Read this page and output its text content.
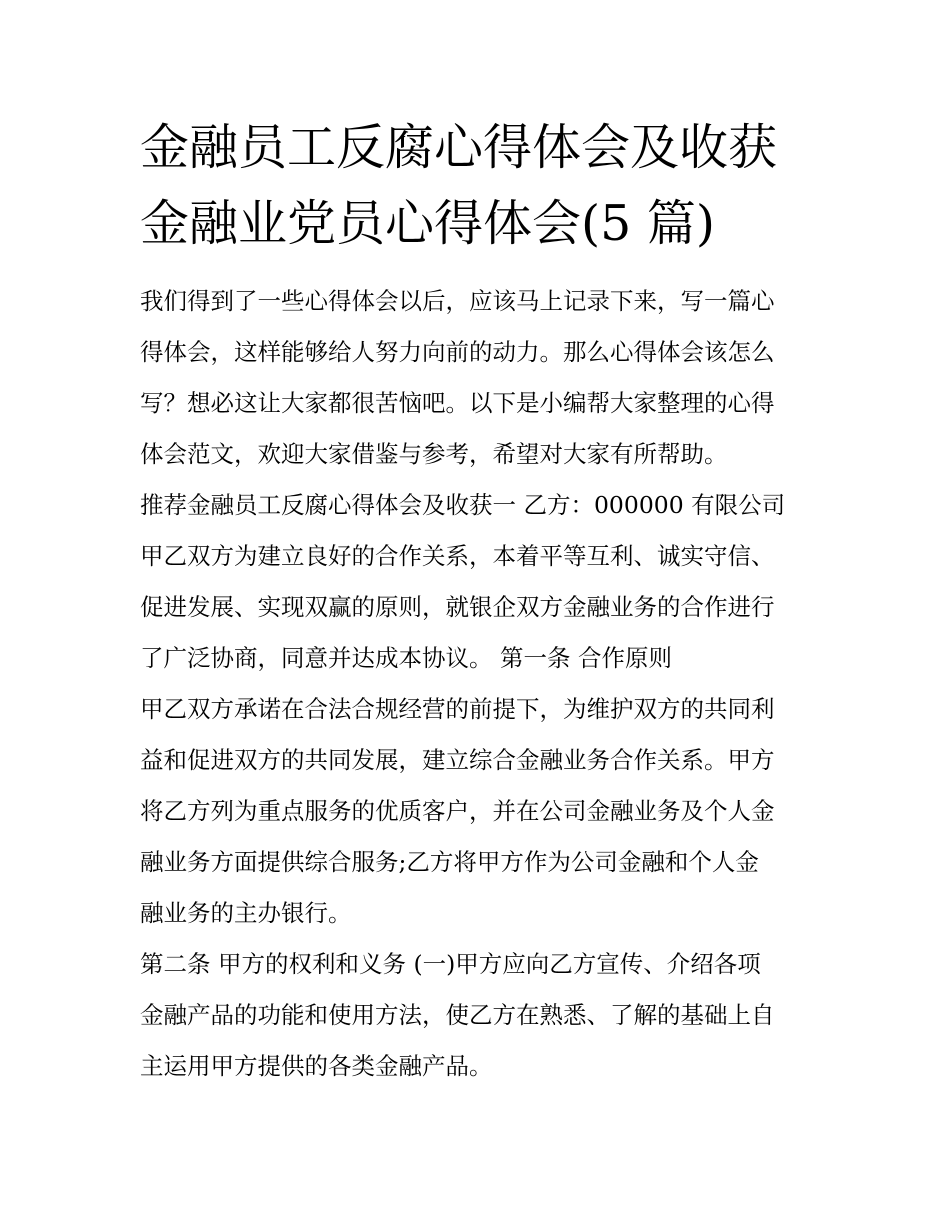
金融员工反腐心得体会及收获
金融业党员心得体会(5 篇)
我们得到了一些心得体会以后，应该马上记录下来，写一篇心
得体会，这样能够给人努力向前的动力。那么心得体会该怎么
写？想必这让大家都很苦恼吧。以下是小编帮大家整理的心得
体会范文，欢迎大家借鉴与参考，希望对大家有所帮助。
推荐金融员工反腐心得体会及收获一 乙方：000000 有限公司
甲乙双方为建立良好的合作关系，本着平等互利、诚实守信、
促进发展、实现双赢的原则，就银企双方金融业务的合作进行
了广泛协商，同意并达成本协议。 第一条 合作原则
甲乙双方承诺在合法合规经营的前提下，为维护双方的共同利
益和促进双方的共同发展，建立综合金融业务合作关系。甲方
将乙方列为重点服务的优质客户，并在公司金融业务及个人金
融业务方面提供综合服务;乙方将甲方作为公司金融和个人金
融业务的主办银行。
第二条 甲方的权利和义务 (一)甲方应向乙方宣传、介绍各项
金融产品的功能和使用方法，使乙方在熟悉、了解的基础上自
主运用甲方提供的各类金融产品。
